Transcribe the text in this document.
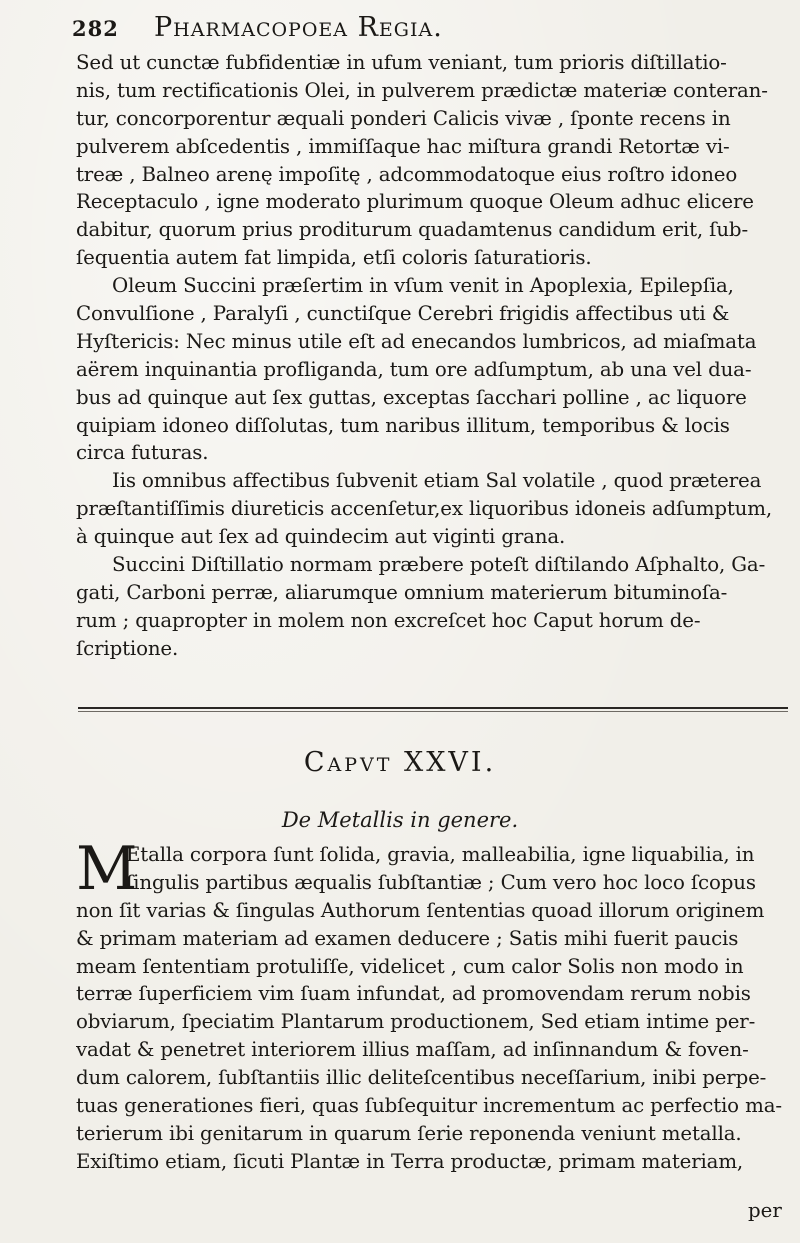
282 Pharmacopoea Regia.
Sed ut cunctæ fubfidentiæ in ufum veniant, tum prioris diſtillatio-
nis, tum rectificationis Olei, in pulverem prædictæ materiæ conteran-
tur, concorporentur æquali ponderi Calicis vivæ , ſponte recens in
pulverem abſcedentis , immiſſaque hac miſtura grandi Retortæ vi-
treæ , Balneo arenę impoſitę , adcommodatoque eius roſtro idoneo
Receptaculo , igne moderato plurimum quoque Oleum adhuc elicere
dabitur, quorum prius proditurum quadamtenus candidum erit, ſub-
ſequentia autem fat limpida, etſi coloris ſaturatioris.
Oleum Succini præſertim in vſum venit in Apoplexia, Epilepſia,
Convulſione , Paralyſi , cunctiſque Cerebri frigidis affectibus uti &
Hyſtericis: Nec minus utile eſt ad enecandos lumbricos, ad miaſmata
aërem inquinantia profliganda, tum ore adſumptum, ab una vel dua-
bus ad quinque aut ſex guttas, exceptas ſacchari polline , ac liquore
quipiam idoneo diſſolutas, tum naribus illitum, temporibus & locis
circa futuras.
Iis omnibus affectibus ſubvenit etiam Sal volatile , quod præterea
præſtantiſſimis diureticis accenſetur,ex liquoribus idoneis adſumptum,
à quinque aut ſex ad quindecim aut viginti grana.
Succini Diſtillatio normam præbere poteſt diſtilando Aſphalto, Ga-
gati, Carboni perræ, aliarumque omnium materierum bituminoſa-
rum ; quapropter in molem non excreſcet hoc Caput horum de-
ſcriptione.
Capvt XXVI.
De Metallis in genere.
M
Etalla corpora ſunt ſolida, gravia, malleabilia, igne liquabilia, in
ſingulis partibus æqualis ſubſtantiæ ; Cum vero hoc loco ſcopus
non ſit varias & ſingulas Authorum ſententias quoad illorum originem
& primam materiam ad examen deducere ; Satis mihi fuerit paucis
meam ſententiam protuliſſe, videlicet , cum calor Solis non modo in
terræ ſuperficiem vim ſuam infundat, ad promovendam rerum nobis
obviarum, ſpeciatim Plantarum productionem, Sed etiam intime per-
vadat & penetret interiorem illius maſſam, ad inſinnandum & foven-
dum calorem, ſubſtantiis illic deliteſcentibus neceſſarium, inibi perpe-
tuas generationes fieri, quas ſubſequitur incrementum ac perfectio ma-
terierum ibi genitarum in quarum ſerie reponenda veniunt metalla.
Exiſtimo etiam, ſicuti Plantæ in Terra productæ, primam materiam,
per
